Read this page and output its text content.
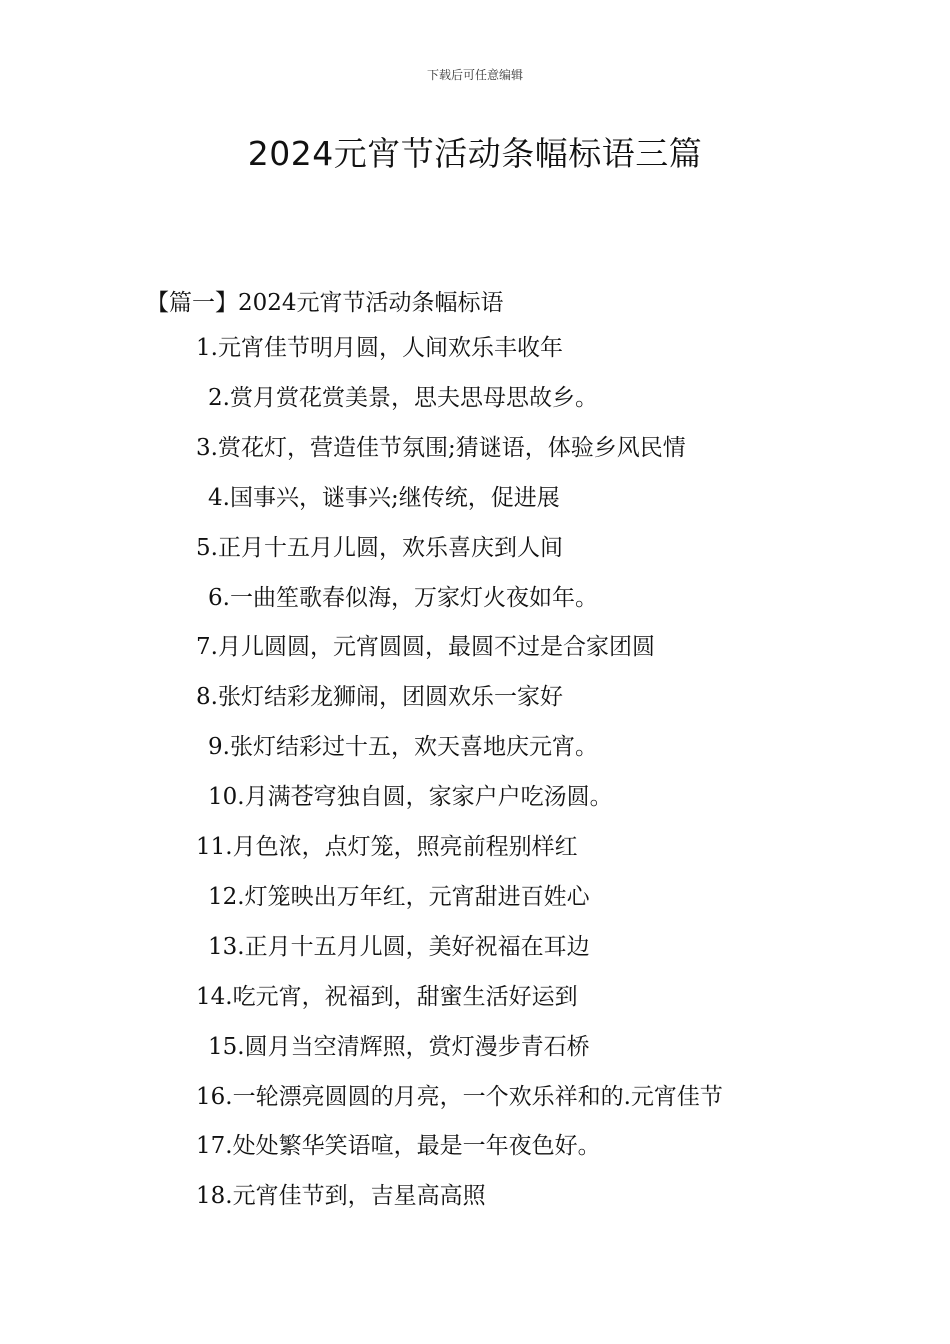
下载后可任意编辑
2024元宵节活动条幅标语三篇
【篇一】2024元宵节活动条幅标语
1.元宵佳节明月圆，人间欢乐丰收年
2.赏月赏花赏美景，思夫思母思故乡。
3.赏花灯，营造佳节氛围;猜谜语，体验乡风民情
4.国事兴，谜事兴;继传统，促进展
5.正月十五月儿圆，欢乐喜庆到人间
6.一曲笙歌春似海，万家灯火夜如年。
7.月儿圆圆，元宵圆圆，最圆不过是合家团圆
8.张灯结彩龙狮闹，团圆欢乐一家好
9.张灯结彩过十五，欢天喜地庆元宵。
10.月满苍穹独自圆，家家户户吃汤圆。
11.月色浓，点灯笼，照亮前程别样红
12.灯笼映出万年红，元宵甜进百姓心
13.正月十五月儿圆，美好祝福在耳边
14.吃元宵，祝福到，甜蜜生活好运到
15.圆月当空清辉照，赏灯漫步青石桥
16.一轮漂亮圆圆的月亮，一个欢乐祥和的.元宵佳节
17.处处繁华笑语喧，最是一年夜色好。
18.元宵佳节到，吉星高高照
